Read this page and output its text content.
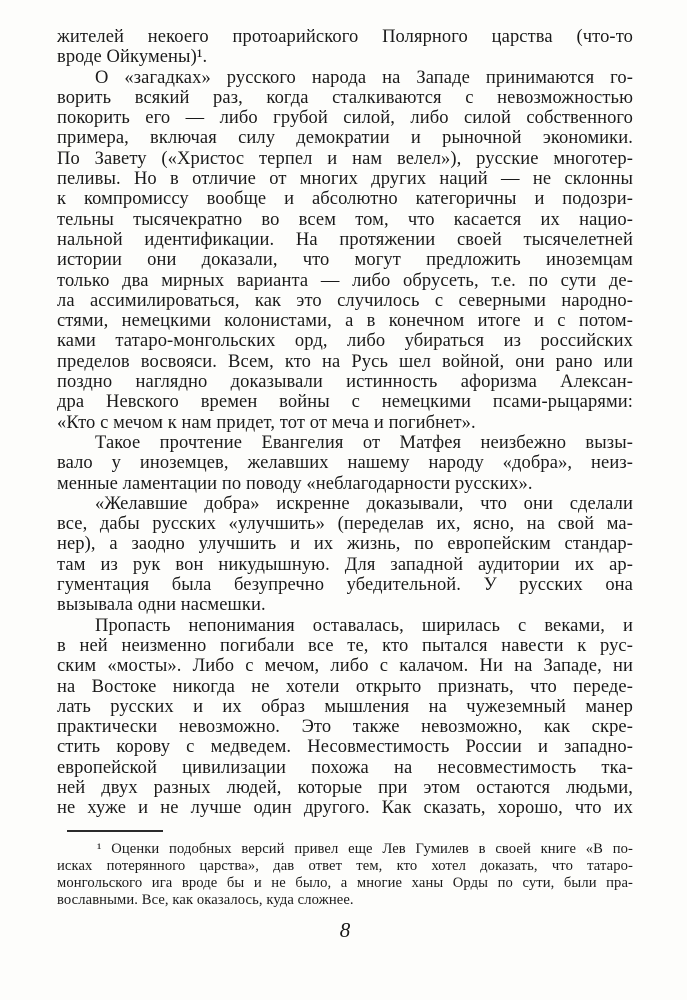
жителей некоего протоарийского Полярного царства (что-то
вроде Ойкумены)¹.
О «загадках» русского народа на Западе принимаются го-
ворить всякий раз, когда сталкиваются с невозможностью
покорить его — либо грубой силой, либо силой собственного
примера, включая силу демократии и рыночной экономики.
По Завету («Христос терпел и нам велел»), русские многотер-
пеливы. Но в отличие от многих других наций — не склонны
к компромиссу вообще и абсолютно категоричны и подозри-
тельны тысячекратно во всем том, что касается их нацио-
нальной идентификации. На протяжении своей тысячелетней
истории они доказали, что могут предложить иноземцам
только два мирных варианта — либо обрусеть, т.е. по сути де-
ла ассимилироваться, как это случилось с северными народно-
стями, немецкими колонистами, а в конечном итоге и с потом-
ками татаро-монгольских орд, либо убираться из российских
пределов восвояси. Всем, кто на Русь шел войной, они рано или
поздно наглядно доказывали истинность афоризма Алексан-
дра Невского времен войны с немецкими псами-рыцарями:
«Кто с мечом к нам придет, тот от меча и погибнет».
Такое прочтение Евангелия от Матфея неизбежно вызы-
вало у иноземцев, желавших нашему народу «добра», неиз-
менные ламентации по поводу «неблагодарности русских».
«Желавшие добра» искренне доказывали, что они сделали
все, дабы русских «улучшить» (переделав их, ясно, на свой ма-
нер), а заодно улучшить и их жизнь, по европейским стандар-
там из рук вон никудышную. Для западной аудитории их ар-
гументация была безупречно убедительной. У русских она
вызывала одни насмешки.
Пропасть непонимания оставалась, ширилась с веками, и
в ней неизменно погибали все те, кто пытался навести к рус-
ским «мосты». Либо с мечом, либо с калачом. Ни на Западе, ни
на Востоке никогда не хотели открыто признать, что переде-
лать русских и их образ мышления на чужеземный манер
практически невозможно. Это также невозможно, как скре-
стить корову с медведем. Несовместимость России и западно-
европейской цивилизации похожа на несовместимость тка-
ней двух разных людей, которые при этом остаются людьми,
не хуже и не лучше один другого. Как сказать, хорошо, что их
¹ Оценки подобных версий привел еще Лев Гумилев в своей книге «В по-
исках потерянного царства», дав ответ тем, кто хотел доказать, что татаро-
монгольского ига вроде бы и не было, а многие ханы Орды по сути, были пра-
вославными. Все, как оказалось, куда сложнее.
8
